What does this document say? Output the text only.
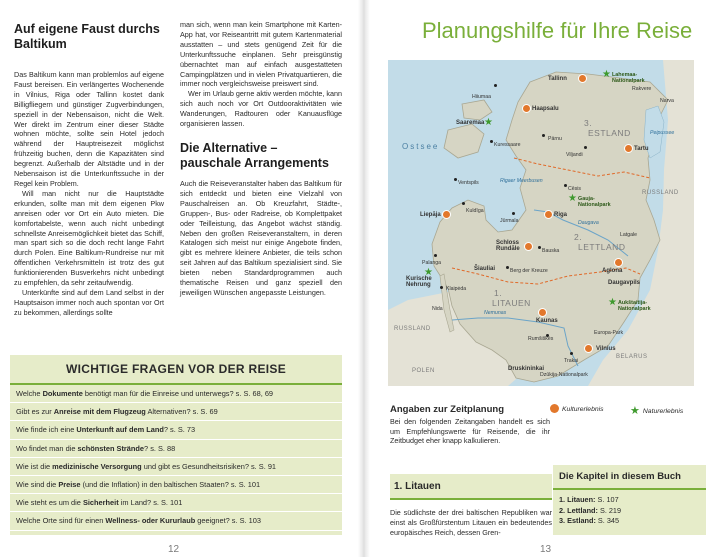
Auf eigene Faust durchs Baltikum

Das Baltikum kann man problemlos auf eigene Faust bereisen. Ein verlängertes Wochenende in Vilnius, Riga oder Tallinn kostet dank Billigfliegern und günstiger Zugverbindungen, speziell in der Nebensaison, nicht die Welt. Wer direkt im Zentrum einer dieser Städte wohnen möchte, sollte sein Hotel jedoch während der Hauptreisezeit möglichst frühzeitig buchen, denn die Kapazitäten sind begrenzt. Außerhalb der Altstädte und in der Nebensaison ist die Unterkunftssuche in der Regel kein Problem.

Will man nicht nur die Hauptstädte erkunden, sollte man mit dem eigenen Pkw anreisen oder vor Ort ein Auto mieten. Die komfortabelste, wenn auch nicht unbedingt schnellste Anreisemöglichkeit bietet das Schiff, man spart sich so die doch recht lange Fahrt durch Polen. Eine Baltikum-Rundreise nur mit öffentlichen Verkehrsmitteln ist trotz des gut funktionierenden Busverkehrs nicht unbedingt zu empfehlen, da sehr zeitaufwendig.

Unterkünfte sind auf dem Land selbst in der Hauptsaison immer noch auch spontan vor Ort zu bekommen, allerdings sollte

man sich, wenn man kein Smartphone mit Karten-App hat, vor Reiseantritt mit gutem Kartenmaterial ausstatten – und stets genügend Zeit für die Unterkunftssuche einplanen. Sehr preisgünstig übernachtet man auf einfach ausgestatteten Campingplätzen und in vielen Privatquartieren, die immer noch vergleichsweise preiswert sind.

Wer im Urlaub gerne aktiv werden möchte, kann sich auch noch vor Ort Outdooraktivitäten wie Wanderungen, Radtouren oder Kanuausflüge organisieren lassen.

Die Alternative – pauschale Arrangements

Auch die Reiseveranstalter haben das Baltikum für sich entdeckt und bieten eine Vielzahl von Pauschalreisen an. Ob Kreuzfahrt, Städte-, Gruppen-, Bus- oder Radreise, ob Komplettpaket oder Teilleistung, das Angebot wächst ständig. Neben den großen Reiseveranstaltern, in deren Katalogen sich meist nur einige Angebote finden, gibt es mehrere kleinere Anbieter, die teils schon seit Jahren auf das Baltikum spezialisiert sind. Sie bieten neben Standardprogrammen auch thematische Reisen und ganz speziell den jeweiligen Wünschen angepasste Leistungen.

WICHTIGE FRAGEN VOR DER REISE
Welche Dokumente benötigt man für die Einreise und unterwegs? s. S. 68, 69
Gibt es zur Anreise mit dem Flugzeug Alternativen? s. S. 69
Wie finde ich eine Unterkunft auf dem Land? s. S. 73
Wo findet man die schönsten Strände? s. S. 88
Wie ist die medizinische Versorgung und gibt es Gesundheitsrisiken? s. S. 91
Wie sind die Preise (und die Inflation) in den baltischen Staaten? s. S. 101
Wie steht es um die Sicherheit im Land? s. S. 101
Welche Orte sind für einen Wellness- oder Kururlaub geeignet? s. S. 103
12
Planungshilfe für Ihre Reise
Ostsee
3.
ESTLAND
2.
LETTLAND
1.
LITAUEN
RUSSLAND
RUSSLAND
POLEN
BELARUS
Rigaer Meerbusen
Peipussee
Daugava
Nemunas
Tallinn
Haapsalu
★
Saaremaa
Tartu
Riga
Liepāja
Schloss Rundāle
Šiauliai	Aglona
Daugavpils
Kaunas
Vilnius
Druskininkai
★
Kurische Nehrung
★ Lahemaa-Nationalpark
★ Gauja-Nationalpark
★ Aukštaitija-Nationalpark
Hiiumaa
Kuressaare
Pärnu
Viljandi
Rakvere
Narva
Ventspils
Kuldīga
Jūrmala
Cēsis
Bauska
Latgale
Palanga
Klaipėda
Nida
Berg der Kreuze
Rumšiškės
Trakai
Europa-Park
Dzūkija-Nationalpark
Angaben zur Zeitplanung

Bei den folgenden Zeitangaben handelt es sich um Empfehlungswerte für Reisende, die ihr Zeitbudget eher knapp kalkulieren.

Kulturerlebnis ★ Naturerlebnis
1. Litauen
Die südlichste der drei baltischen Republiken war einst als Großfürstentum Litauen ein bedeutendes europäisches Reich, dessen Gren-
Die Kapitel in diesem Buch
1. Litauen: S. 107
2. Lettland: S. 219
3. Estland: S. 345
13
